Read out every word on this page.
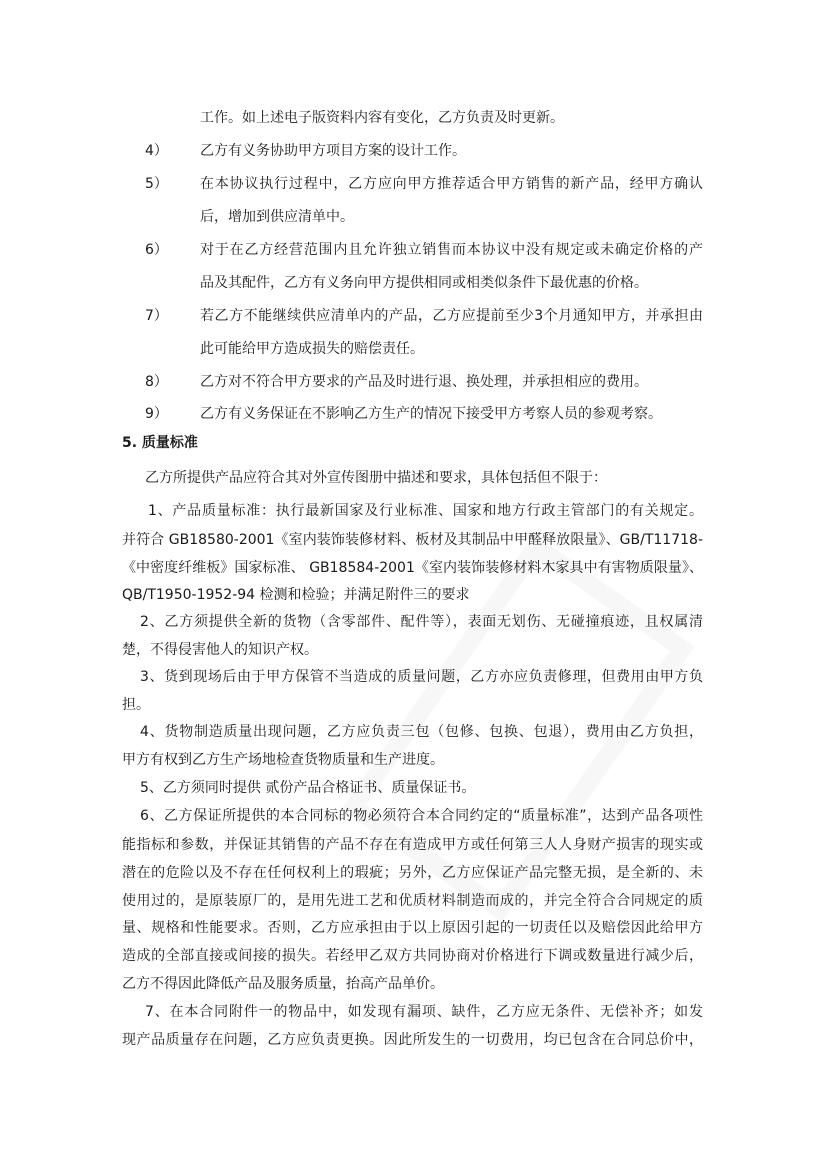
工作。如上述电子版资料内容有变化，乙方负责及时更新。
4） 乙方有义务协助甲方项目方案的设计工作。
5） 在本协议执行过程中，乙方应向甲方推荐适合甲方销售的新产品，经甲方确认
后，增加到供应清单中。
6） 对于在乙方经营范围内且允许独立销售而本协议中没有规定或未确定价格的产
品及其配件，乙方有义务向甲方提供相同或相类似条件下最优惠的价格。
7） 若乙方不能继续供应清单内的产品，乙方应提前至少3个月通知甲方，并承担由
此可能给甲方造成损失的赔偿责任。
8） 乙方对不符合甲方要求的产品及时进行退、换处理，并承担相应的费用。
9） 乙方有义务保证在不影响乙方生产的情况下接受甲方考察人员的参观考察。
5. 质量标准
乙方所提供产品应符合其对外宣传图册中描述和要求，具体包括但不限于：
1、产品质量标准：执行最新国家及行业标准、国家和地方行政主管部门的有关规定。
并符合 GB18580-2001《室内装饰装修材料、板材及其制品中甲醛释放限量》、GB/T11718-
《中密度纤维板》国家标准、 GB18584-2001《室内装饰装修材料木家具中有害物质限量》、
QB/T1950-1952-94 检测和检验；并满足附件三的要求
2、乙方须提供全新的货物（含零部件、配件等），表面无划伤、无碰撞痕迹，且权属清
楚，不得侵害他人的知识产权。
3、货到现场后由于甲方保管不当造成的质量问题，乙方亦应负责修理，但费用由甲方负
担。
4、货物制造质量出现问题，乙方应负责三包（包修、包换、包退），费用由乙方负担，
甲方有权到乙方生产场地检查货物质量和生产进度。
5、乙方须同时提供 贰份产品合格证书、质量保证书。
6、乙方保证所提供的本合同标的物必须符合本合同约定的“质量标准”，达到产品各项性
能指标和参数，并保证其销售的产品不存在有造成甲方或任何第三人人身财产损害的现实或
潜在的危险以及不存在任何权利上的瑕疵；另外，乙方应保证产品完整无损，是全新的、未
使用过的，是原装原厂的，是用先进工艺和优质材料制造而成的，并完全符合合同规定的质
量、规格和性能要求。否则，乙方应承担由于以上原因引起的一切责任以及赔偿因此给甲方
造成的全部直接或间接的损失。若经甲乙双方共同协商对价格进行下调或数量进行减少后，
乙方不得因此降低产品及服务质量，抬高产品单价。
7、在本合同附件一的物品中，如发现有漏项、缺件，乙方应无条件、无偿补齐；如发
现产品质量存在问题，乙方应负责更换。因此所发生的一切费用，均已包含在合同总价中，
